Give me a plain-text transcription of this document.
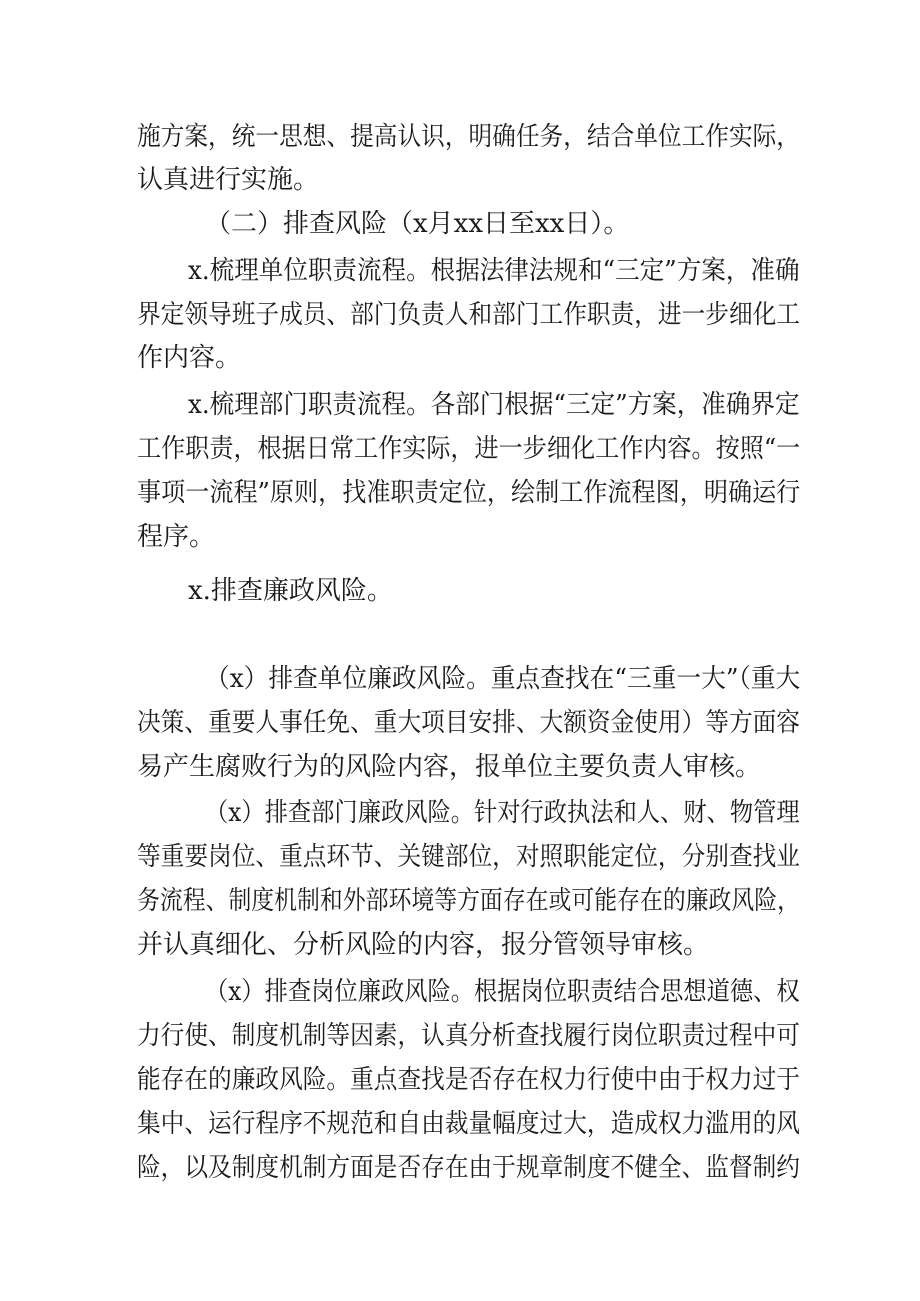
施方案，统一思想、提高认识，明确任务，结合单位工作实际，
认真进行实施。
（二）排查风险（x月xx日至xx日）。
x.梳理单位职责流程。根据法律法规和“三定”方案，准确
界定领导班子成员、部门负责人和部门工作职责，进一步细化工
作内容。
x.梳理部门职责流程。各部门根据“三定”方案，准确界定
工作职责，根据日常工作实际，进一步细化工作内容。按照“一
事项一流程”原则，找准职责定位，绘制工作流程图，明确运行
程序。
x.排查廉政风险。
（x）排查单位廉政风险。重点查找在“三重一大”（重大
决策、重要人事任免、重大项目安排、大额资金使用）等方面容
易产生腐败行为的风险内容，报单位主要负责人审核。
（x）排查部门廉政风险。针对行政执法和人、财、物管理
等重要岗位、重点环节、关键部位，对照职能定位，分别查找业
务流程、制度机制和外部环境等方面存在或可能存在的廉政风险，
并认真细化、分析风险的内容，报分管领导审核。
（x）排查岗位廉政风险。根据岗位职责结合思想道德、权
力行使、制度机制等因素，认真分析查找履行岗位职责过程中可
能存在的廉政风险。重点查找是否存在权力行使中由于权力过于
集中、运行程序不规范和自由裁量幅度过大，造成权力滥用的风
险，以及制度机制方面是否存在由于规章制度不健全、监督制约
